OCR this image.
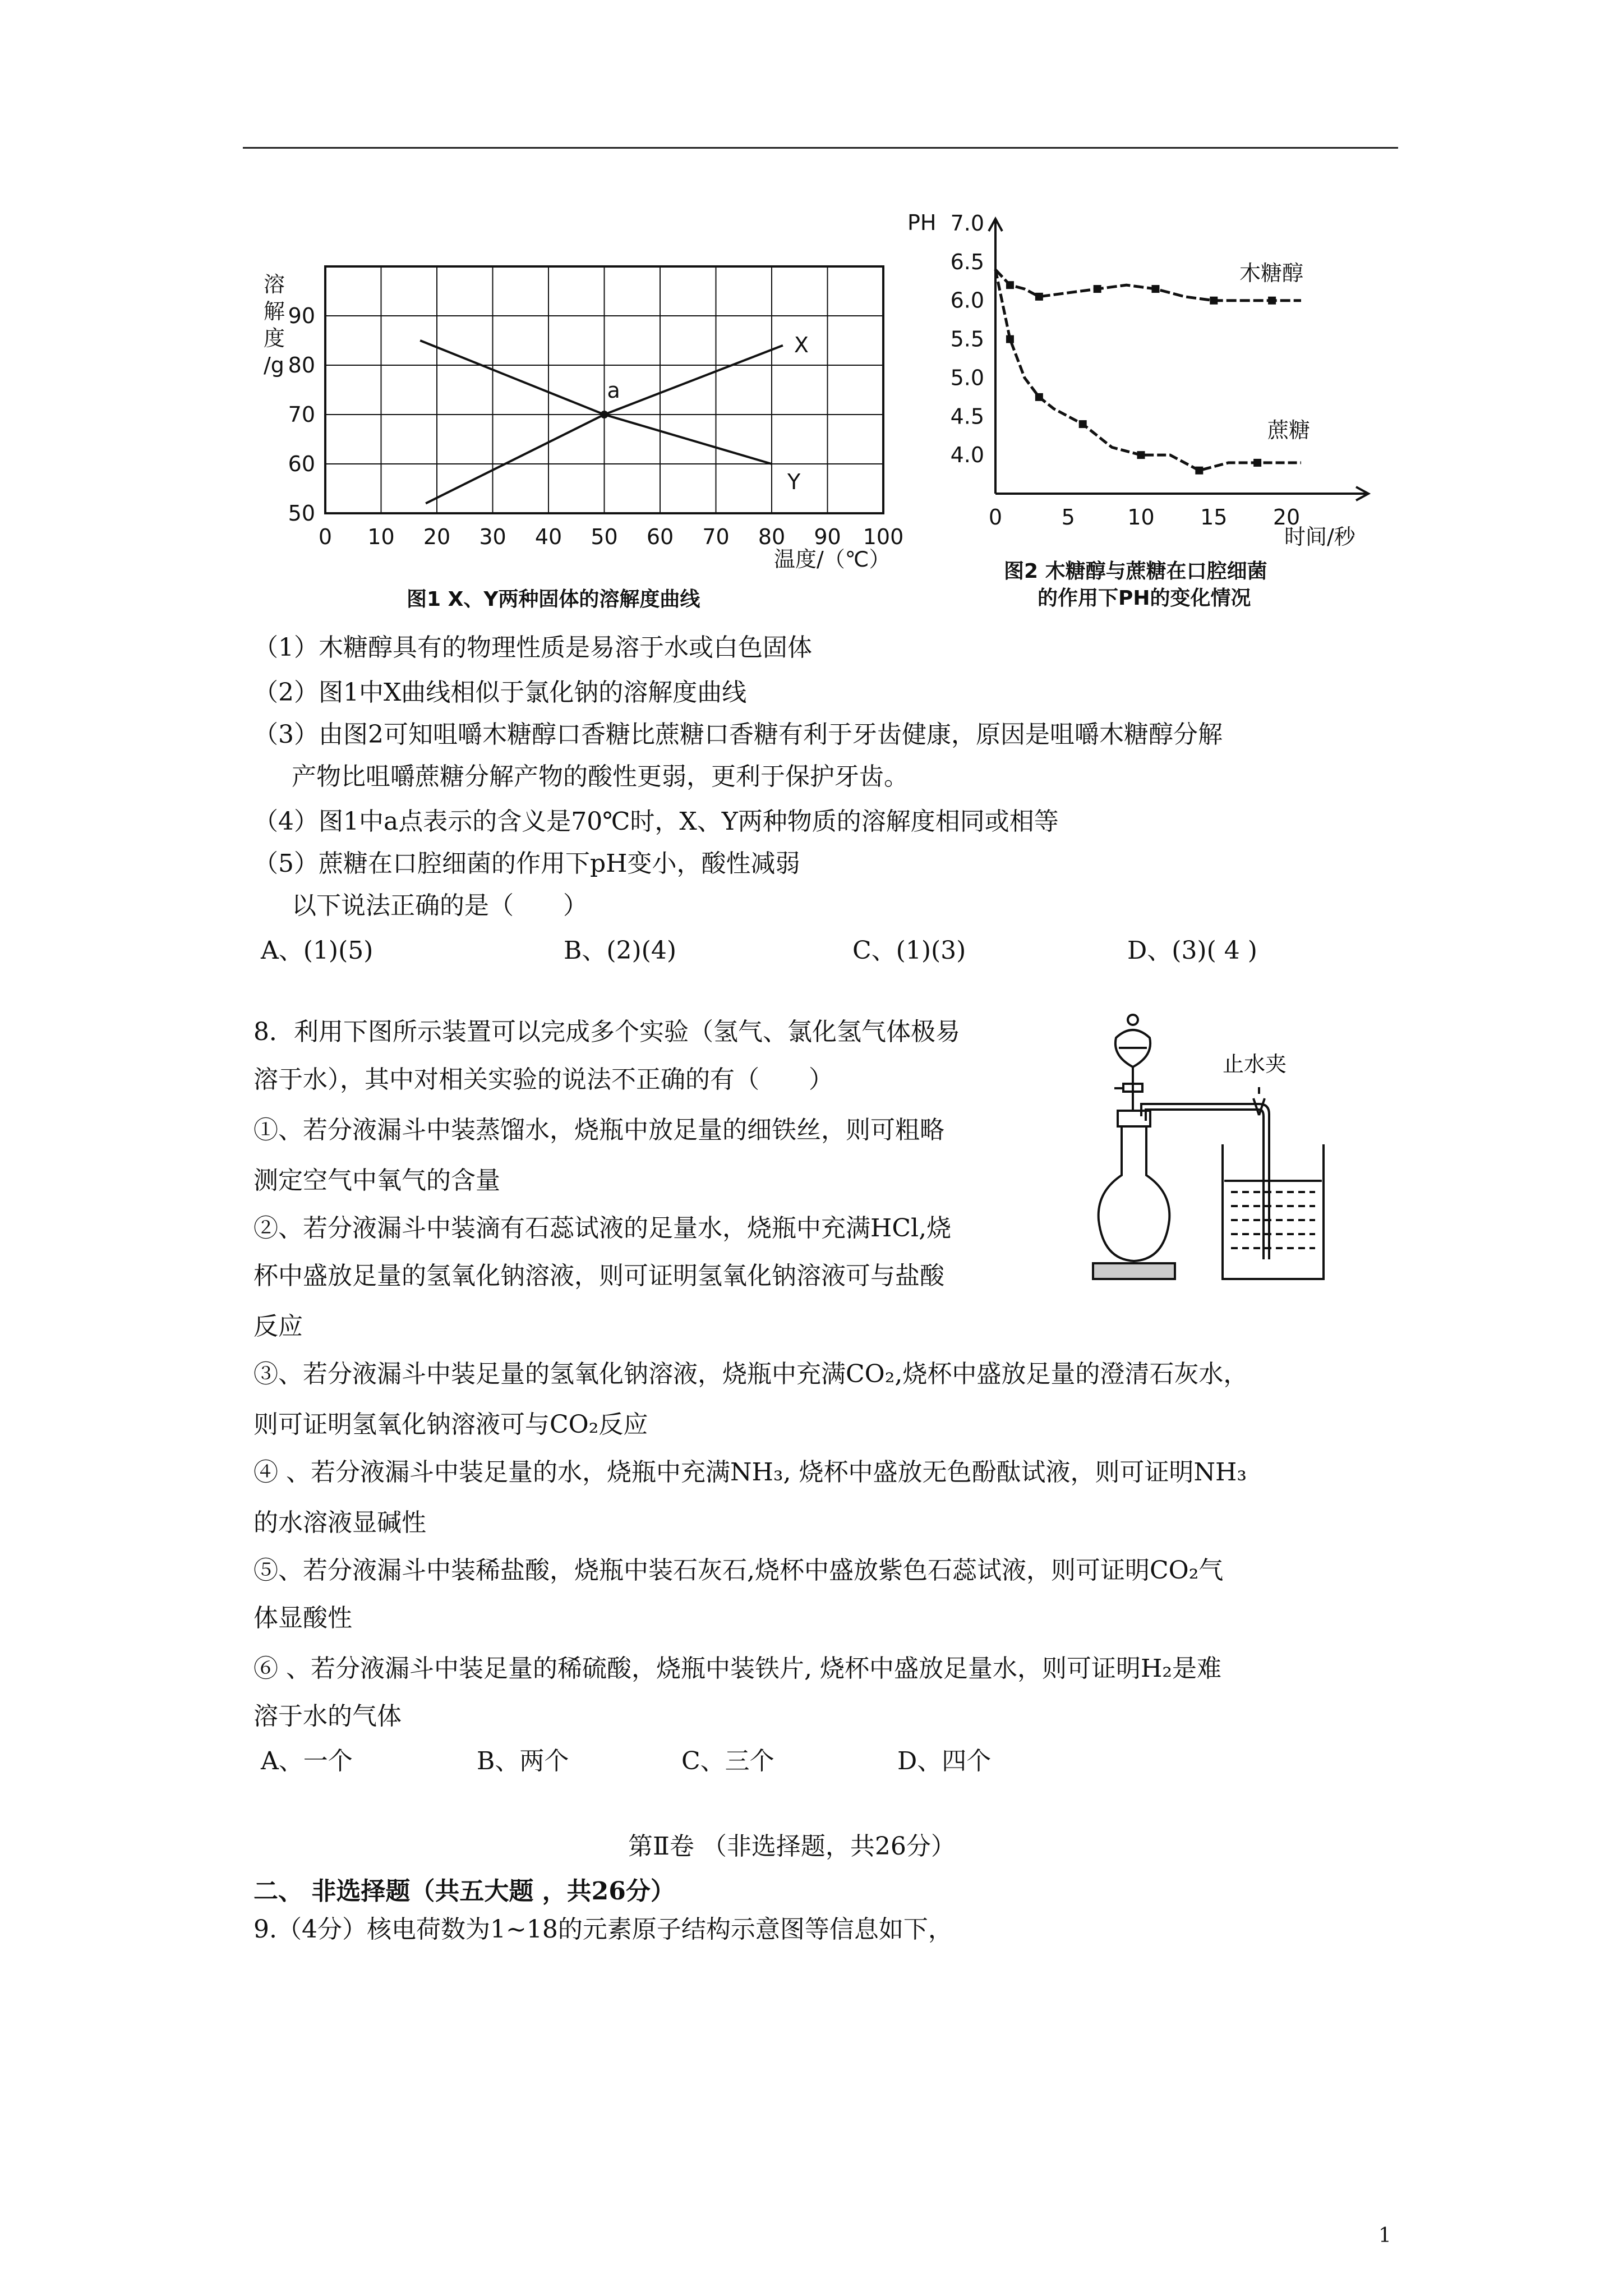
0 10 20 30 40 50 60 70 80 90 100
50
60
70
80
90
溶解度/g
温度/（℃）
图1 X、Y两种固体的溶解度曲线
a
X
Y
4.0
4.5
5.0
5.5
6.0
6.5
7.0
0	5 10 15 20
PH
时间/秒
图2 木糖醇与蔗糖在口腔细菌
的作用下PH的变化情况
木糖醇
蔗糖
（1）木糖醇具有的物理性质是易溶于水或白色固体
（2）图1中X曲线相似于氯化钠的溶解度曲线
（3）由图2可知咀嚼木糖醇口香糖比蔗糖口香糖有利于牙齿健康，原因是咀嚼木糖醇分解
产物比咀嚼蔗糖分解产物的酸性更弱，更利于保护牙齿。
（4）图1中a点表示的含义是70℃时，X、Y两种物质的溶解度相同或相等
（5）蔗糖在口腔细菌的作用下pH变小，酸性减弱
以下说法正确的是（　　）
A、(1)(5)	B、(2)(4)	C、(1)(3)	D、(3)( 4 )
8．利用下图所示装置可以完成多个实验（氢气、氯化氢气体极易
溶于水），其中对相关实验的说法不正确的有（　　）
①、若分液漏斗中装蒸馏水，烧瓶中放足量的细铁丝，则可粗略
测定空气中氧气的含量
②、若分液漏斗中装滴有石蕊试液的足量水，烧瓶中充满HCl,烧
杯中盛放足量的氢氧化钠溶液，则可证明氢氧化钠溶液可与盐酸
反应
③、若分液漏斗中装足量的氢氧化钠溶液，烧瓶中充满CO₂,烧杯中盛放足量的澄清石灰水，
则可证明氢氧化钠溶液可与CO₂反应
④ 、若分液漏斗中装足量的水，烧瓶中充满NH₃, 烧杯中盛放无色酚酞试液，则可证明NH₃
的水溶液显碱性
⑤、若分液漏斗中装稀盐酸，烧瓶中装石灰石,烧杯中盛放紫色石蕊试液，则可证明CO₂气
体显酸性
⑥ 、若分液漏斗中装足量的稀硫酸，烧瓶中装铁片, 烧杯中盛放足量水，则可证明H₂是难
溶于水的气体
A、一个	B、两个	C、三个	D、四个
止水夹
第Ⅱ卷 （非选择题，共26分）
二、 非选择题（共五大题 ，共26分）
9.（4分）核电荷数为1~18的元素原子结构示意图等信息如下，
1
